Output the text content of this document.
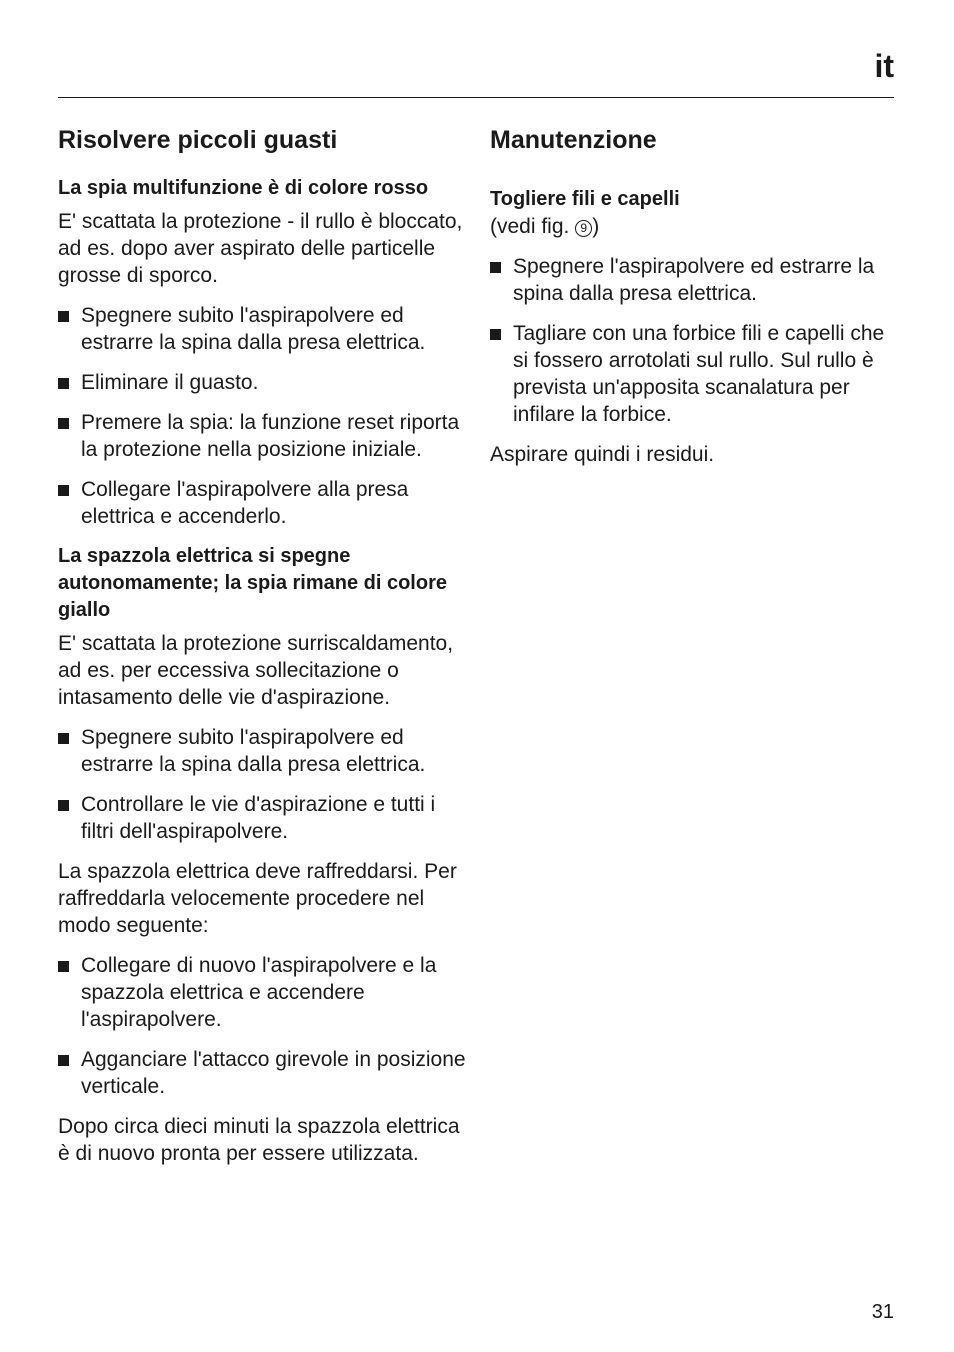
it
Risolvere piccoli guasti
La spia multifunzione è di colore rosso

E' scattata la protezione - il rullo è bloccato, ad es. dopo aver aspirato delle particelle grosse di sporco.

Spegnere subito l'aspirapolvere ed estrarre la spina dalla presa elettrica.
Eliminare il guasto.
Premere la spia: la funzione reset riporta la protezione nella posizione iniziale.
Collegare l'aspirapolvere alla presa elettrica e accenderlo.
La spazzola elettrica si spegne autonomamente; la spia rimane di colore giallo

E' scattata la protezione surriscaldamento, ad es. per eccessiva sollecitazione o intasamento delle vie d'aspirazione.

Spegnere subito l'aspirapolvere ed estrarre la spina dalla presa elettrica.
Controllare le vie d'aspirazione e tutti i filtri dell'aspirapolvere.

La spazzola elettrica deve raffreddarsi. Per raffreddarla velocemente procedere nel modo seguente:

Collegare di nuovo l'aspirapolvere e la spazzola elettrica e accendere l'aspirapolvere.
Agganciare l'attacco girevole in posizione verticale.

Dopo circa dieci minuti la spazzola elettrica è di nuovo pronta per essere utilizzata.

Manutenzione
Togliere fili e capelli

(vedi fig. 9 )

Spegnere l'aspirapolvere ed estrarre la spina dalla presa elettrica.
Tagliare con una forbice fili e capelli che si fossero arrotolati sul rullo. Sul rullo è prevista un'apposita scanalatura per infilare la forbice.

Aspirare quindi i residui.

31
